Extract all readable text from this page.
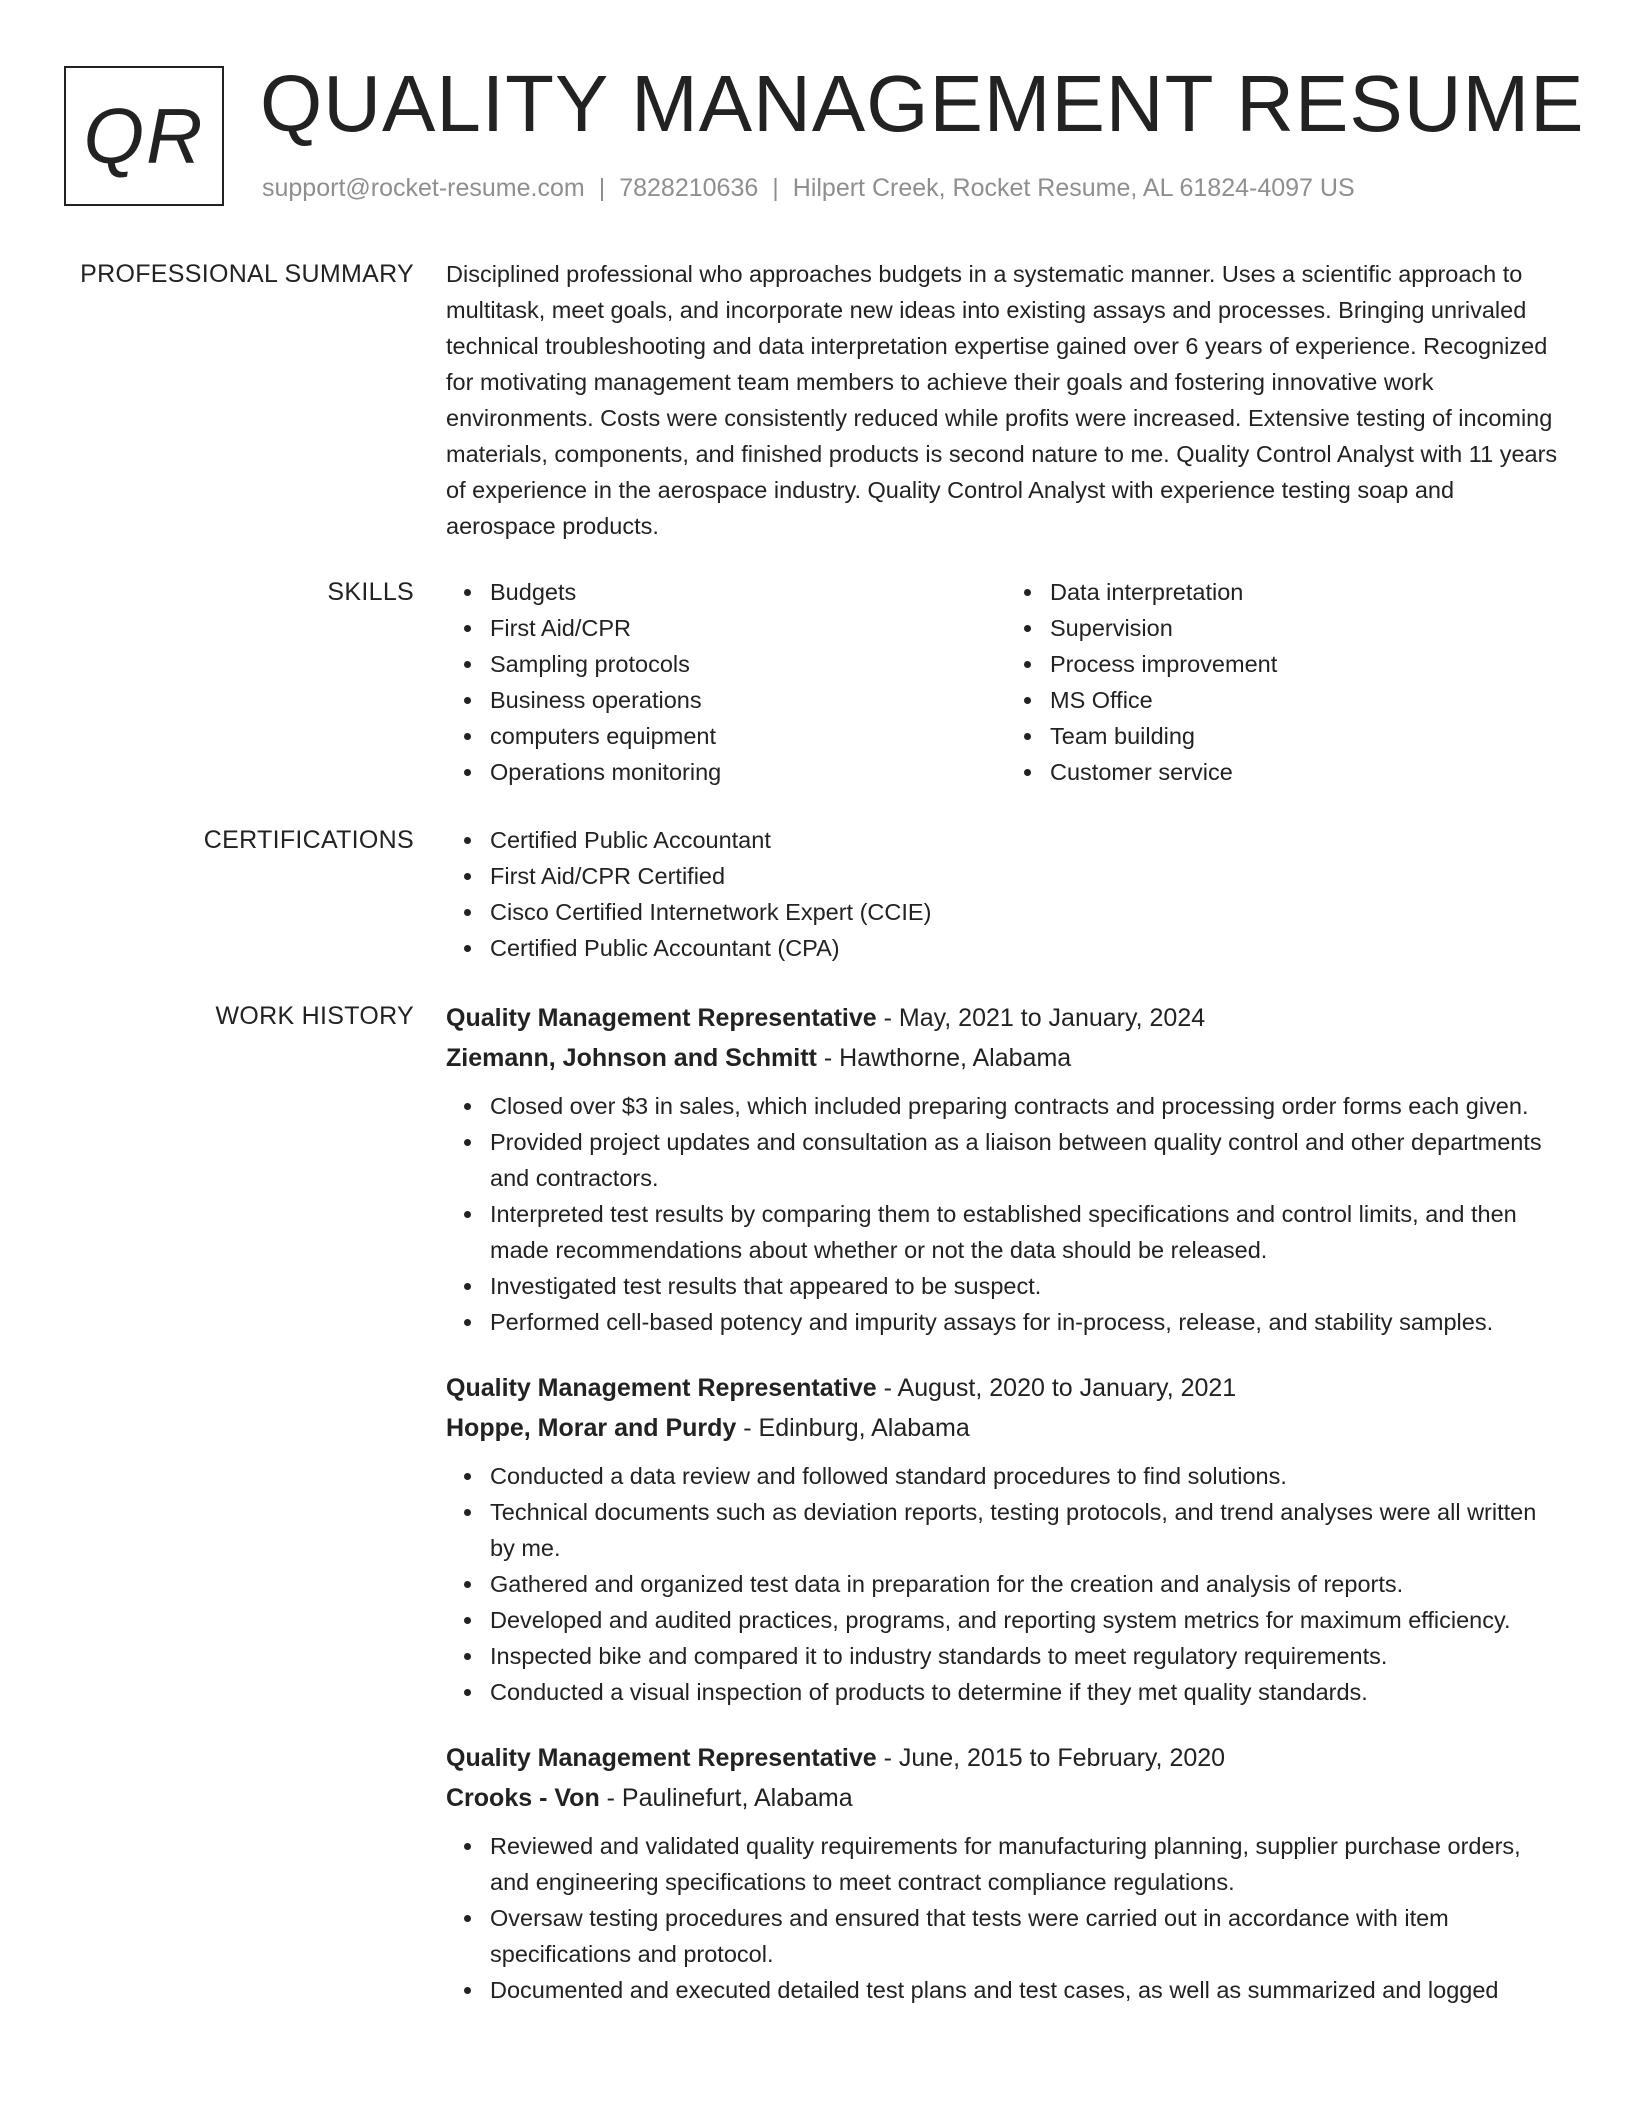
QR QUALITY MANAGEMENT RESUME
support@rocket-resume.com | 7828210636 | Hilpert Creek, Rocket Resume, AL 61824-4097 US
PROFESSIONAL SUMMARY Disciplined professional who approaches budgets in a systematic manner. Uses a scientific approach to multitask, meet goals, and incorporate new ideas into existing assays and processes. Bringing unrivaled technical troubleshooting and data interpretation expertise gained over 6 years of experience. Recognized for motivating management team members to achieve their goals and fostering innovative work environments. Costs were consistently reduced while profits were increased. Extensive testing of incoming materials, components, and finished products is second nature to me. Quality Control Analyst with 11 years of experience in the aerospace industry. Quality Control Analyst with experience testing soap and aerospace products.

SKILLS	Budgets
First Aid/CPR
Sampling protocols
Business operations
computers equipment
Operations monitoring
Data interpretation
Supervision
Process improvement
MS Office
Team building
Customer service
CERTIFICATIONS	Certified Public Accountant
First Aid/CPR Certified
Cisco Certified Internetwork Expert (CCIE)
Certified Public Accountant (CPA)
WORK HISTORY Quality Management Representative - May, 2021 to January, 2024
Ziemann, Johnson and Schmitt - Hawthorne, Alabama
Closed over $3 in sales, which included preparing contracts and processing order forms each given.
Provided project updates and consultation as a liaison between quality control and other departments and contractors.
Interpreted test results by comparing them to established specifications and control limits, and then made recommendations about whether or not the data should be released.
Investigated test results that appeared to be suspect.
Performed cell-based potency and impurity assays for in-process, release, and stability samples.
Quality Management Representative - August, 2020 to January, 2021
Hoppe, Morar and Purdy - Edinburg, Alabama
Conducted a data review and followed standard procedures to find solutions.
Technical documents such as deviation reports, testing protocols, and trend analyses were all written by me.
Gathered and organized test data in preparation for the creation and analysis of reports.
Developed and audited practices, programs, and reporting system metrics for maximum efficiency.
Inspected bike and compared it to industry standards to meet regulatory requirements.
Conducted a visual inspection of products to determine if they met quality standards.
Quality Management Representative - June, 2015 to February, 2020
Crooks - Von - Paulinefurt, Alabama
Reviewed and validated quality requirements for manufacturing planning, supplier purchase orders, and engineering specifications to meet contract compliance regulations.
Oversaw testing procedures and ensured that tests were carried out in accordance with item specifications and protocol.
Documented and executed detailed test plans and test cases, as well as summarized and logged
